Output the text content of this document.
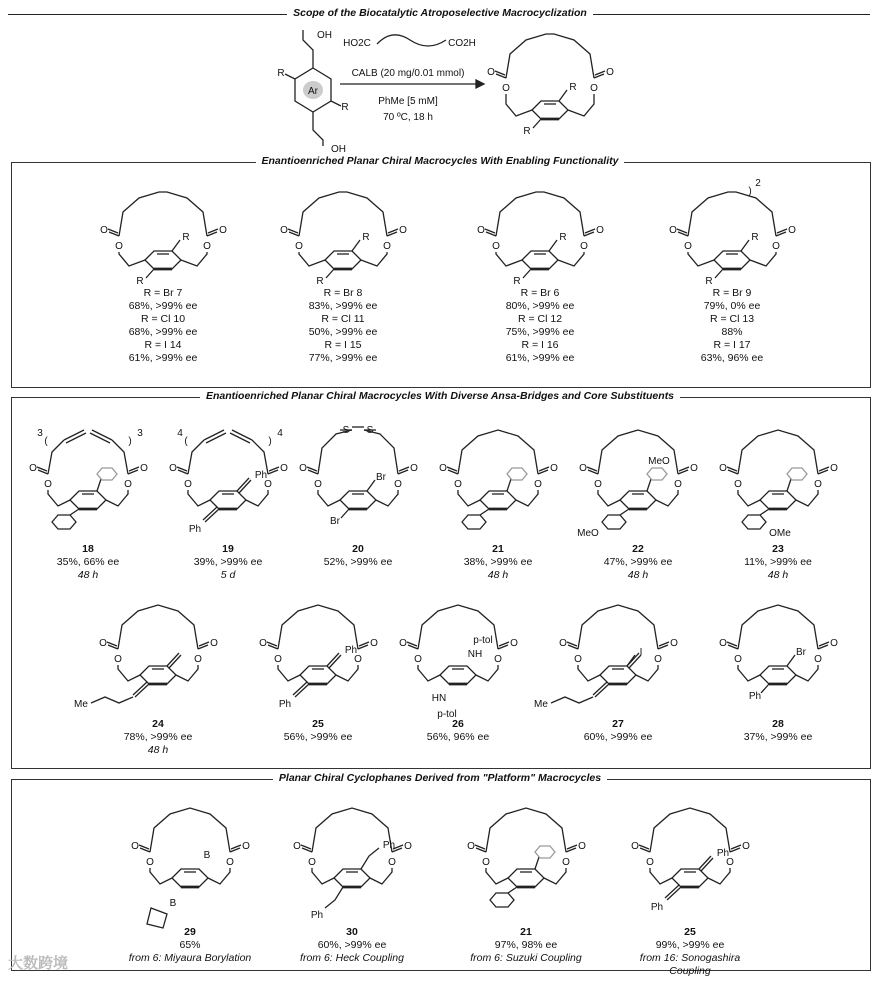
Scope of the Biocatalytic Atroposelective Macrocyclization
Ar
OH
OH
R
R
HO2C	CO2H
CALB (20 mg/0.01 mmol)
PhMe [5 mM]
70 ºC, 18 h
O	O
O	O
R
R
Enantioenriched Planar Chiral Macrocycles With Enabling Functionality
O	O
O	O
R
R
R = Br 7
68%, >99% ee
R = Cl 10
68%, >99% ee
R = I 14
61%, >99% ee
O	O
O	O
R
R
R = Br 8
83%, >99% ee
R = Cl 11
50%, >99% ee
R = I 15
77%, >99% ee
O	O
O	O
R
R
R = Br 6
80%, >99% ee
R = Cl 12
75%, >99% ee
R = I 16
61%, >99% ee
)
2
O	O
O	O
R
R
R = Br 9
79%, 0% ee
R = Cl 13
88%
R = I 17
63%, 96% ee
Enantioenriched Planar Chiral Macrocycles With Diverse Ansa-Bridges and Core Substituents
(	)
3	3
O	O
O	O
18
35%, 66% ee
48 h
(	)
4	4
O	O
O	O
Ph
Ph
19
39%, >99% ee
5 d
S S
O	O
O	O
Br
Br
20
52%, >99% ee
O	O
O	O
21
38%, >99% ee
48 h
O	O
O	O
MeO
MeO
22
47%, >99% ee
48 h
O	O
O	O
OMe
23
11%, >99% ee
48 h
O	O
O	O
Me
24
78%, >99% ee
48 h
O	O
O	O
Ph
Ph
25
56%, >99% ee
O	O
O	O
NH
p-tol
HN
p-tol
26
56%, 96% ee
O	O
O	O
I
Me
27
60%, >99% ee
O	O
O	O
Br
Ph
28
37%, >99% ee
Planar Chiral Cyclophanes Derived from "Platform" Macrocycles
O	O
O	O
B
B
29
65%
from 6: Miyaura Borylation
O	O
O	O
Ph
Ph
30
60%, >99% ee
from 6: Heck Coupling
O	O
O	O
21
97%, 98% ee
from 6: Suzuki Coupling
O	O
O	O
Ph
Ph
25
99%, >99% ee
from 16: Sonogashira Coupling
大数跨境
